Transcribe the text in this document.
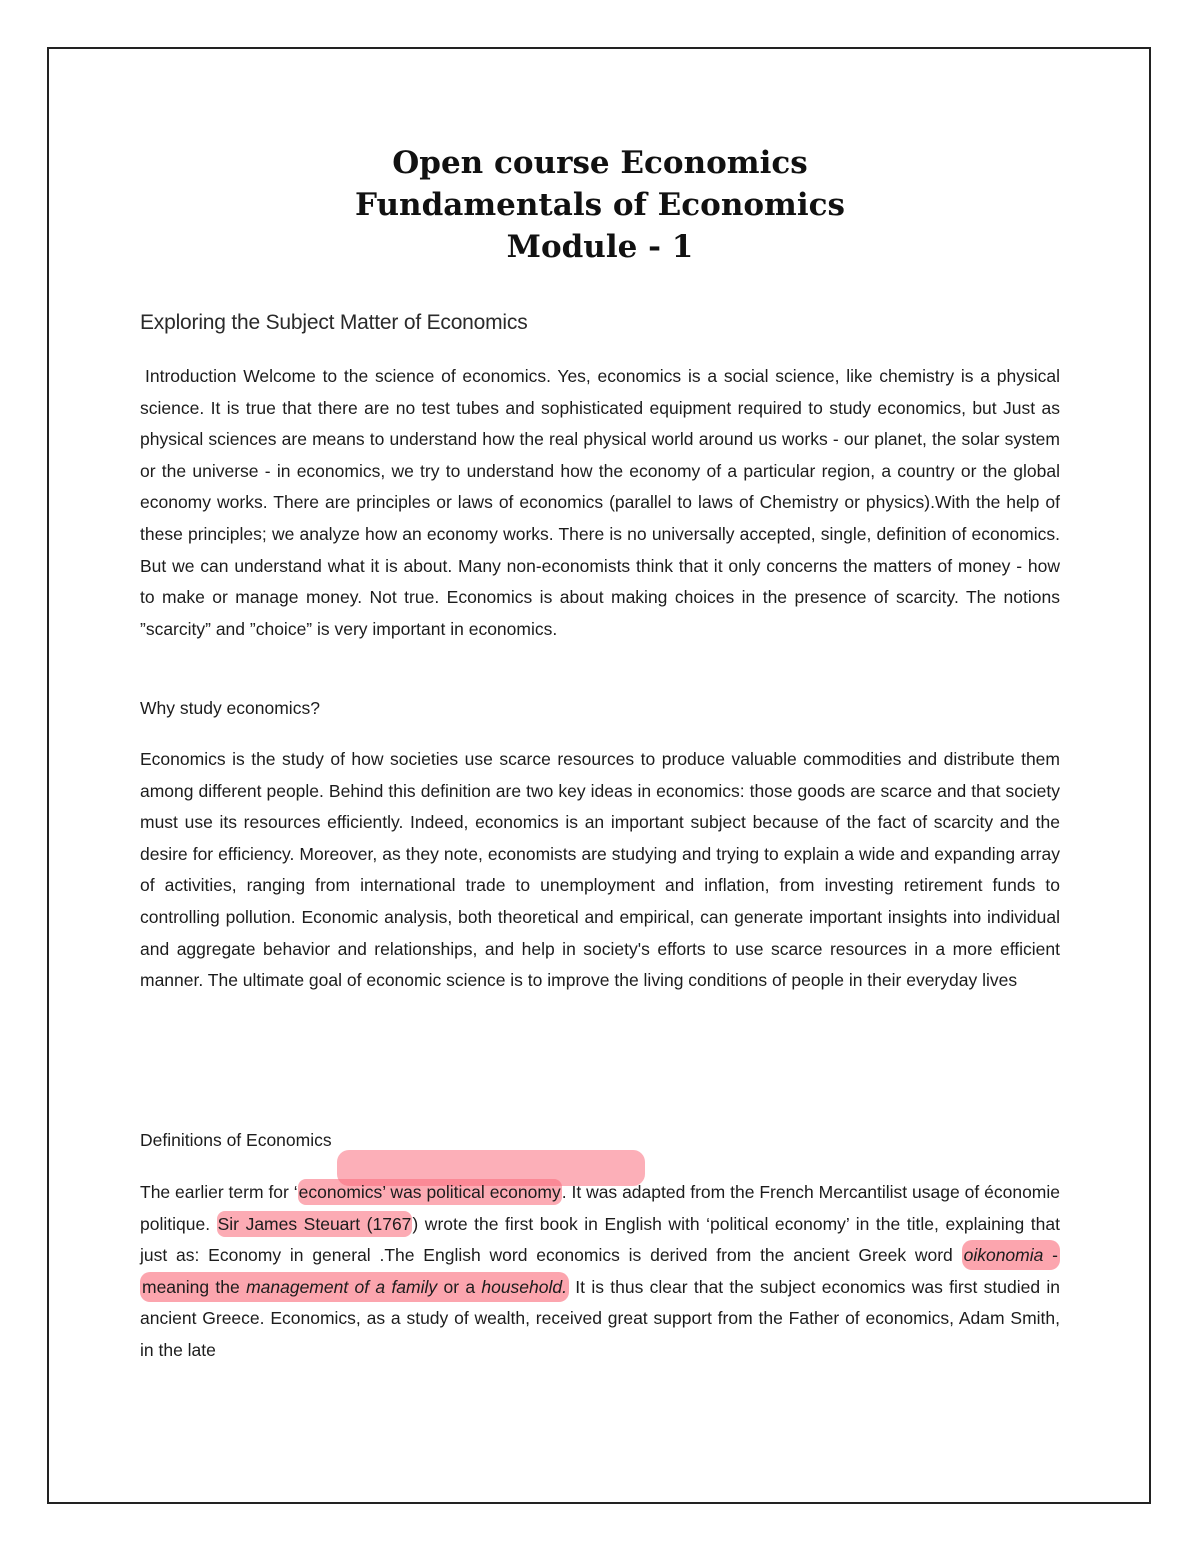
Open course Economics
Fundamentals of Economics
Module - 1
Exploring the Subject Matter of Economics

Introduction Welcome to the science of economics. Yes, economics is a social science, like chemistry is a physical science. It is true that there are no test tubes and sophisticated equipment required to study economics, but Just as physical sciences are means to understand how the real physical world around us works - our planet, the solar system or the universe - in economics, we try to understand how the economy of a particular region, a country or the global economy works. There are principles or laws of economics (parallel to laws of Chemistry or physics).With the help of these principles; we analyze how an economy works. There is no universally accepted, single, definition of economics. But we can understand what it is about. Many non-economists think that it only concerns the matters of money - how to make or manage money. Not true. Economics is about making choices in the presence of scarcity. The notions ”scarcity” and ”choice” is very important in economics.

Why study economics?

Economics is the study of how societies use scarce resources to produce valuable commodities and distribute them among different people. Behind this definition are two key ideas in economics: those goods are scarce and that society must use its resources efficiently. Indeed, economics is an important subject because of the fact of scarcity and the desire for efficiency. Moreover, as they note, economists are studying and trying to explain a wide and expanding array of activities, ranging from international trade to unemployment and inflation, from investing retirement funds to controlling pollution. Economic analysis, both theoretical and empirical, can generate important insights into individual and aggregate behavior and relationships, and help in society's efforts to use scarce resources in a more efficient manner. The ultimate goal of economic science is to improve the living conditions of people in their everyday lives

Definitions of Economics

The earlier term for ‘economics’ was political economy. It was adapted from the French Mercantilist usage of économie politique. Sir James Steuart (1767) wrote the first book in English with ‘political economy’ in the title, explaining that just as: Economy in general .The English word economics is derived from the ancient Greek word oikonomia - meaning the management of a family or a household. It is thus clear that the subject economics was first studied in ancient Greece. Economics, as a study of wealth, received great support from the Father of economics, Adam Smith, in the late
